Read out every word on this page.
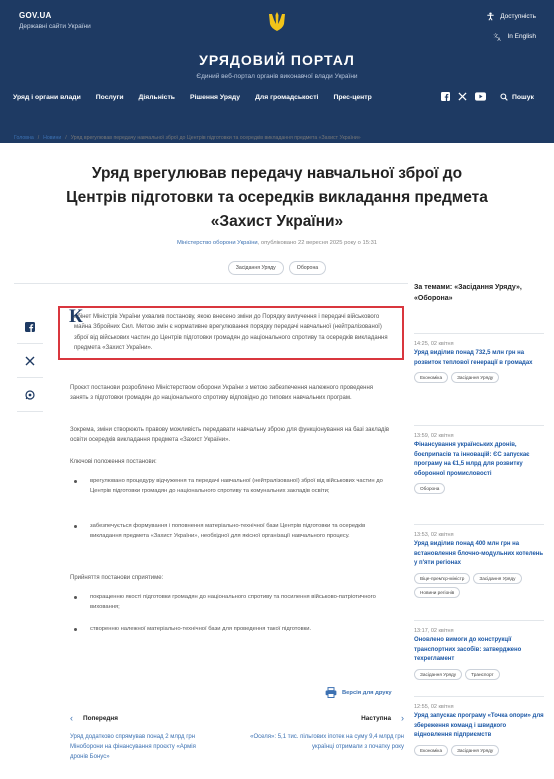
GOV.UA
Державні сайти України
Доступність
文
A
In English
УРЯДОВИЙ ПОРТАЛ
Єдиний веб-портал органів виконавчої влади України
Уряд і органи влади Послуги Діяльність Рішення Уряду Для громадськості Прес-центр	Пошук
Головна / Новини / Уряд врегулював передачу навчальної зброї до Центрів підготовки та осередків викладання предмета «Захист України»
Уряд врегулював передачу навчальної зброї до Центрів підготовки та осередків викладання предмета «Захист України»
Міністерство оборони України, опубліковано 22 вересня 2025 року о 15:31
Засідання Уряду	Оборона
К
абінет Міністрів України ухвалив постанову, якою внесено зміни до Порядку вилучення і передачі військового майна Збройних Сил. Метою змін є нормативне врегулювання порядку передачі навчальної (нейтралізованої) зброї від військових частин до Центрів підготовки громадян до національного спротиву та осередків викладання предмета «Захист України».

Проєкт постанови розроблено Міністерством оборони України з метою забезпечення належного проведення занять з підготовки громадян до національного спротиву відповідно до типових навчальних програм.

Зокрема, зміни створюють правову можливість передавати навчальну зброю для функціонування на базі закладів освіти осередків викладання предмета «Захист України».

Ключові положення постанови:

врегулювано процедуру відчуження та передачі навчальної (нейтралізованої) зброї від військових частин до Центрів підготовки громадян до національного спротиву та комунальних закладів освіти;
забезпечується формування і поповнення матеріально-технічної бази Центрів підготовки та осередків викладання предмета «Захист України», необхідної для якісної організації навчального процесу.

Прийняття постанови сприятиме:

покращенню якості підготовки громадян до національного спротиву та посилення військово-патріотичного виховання;
створенню належної матеріально-технічної бази для проведення такої підготовки.
Версія для друку
‹ Попередня
Уряд додатково спрямував понад 2 млрд грн Міноборони на фінансування проєкту «Армія дронів Бонус»
Наступна ›
«Оселя»: 5,1 тис. пільгових іпотек на суму 9,4 млрд грн українці отримали з початку року
За темами: «Засідання Уряду», «Оборона»
14:25, 02 квітня
Уряд виділив понад 732,5 млн грн на розвиток теплової генерації в громадах
Економіка	Засідання Уряду
13:59, 02 квітня
Фінансування українських дронів, боєприпасів та інновацій: ЄС запускає програму на €1,5 млрд для розвитку оборонної промисловості
Оборона
13:53, 02 квітня
Уряд виділив понад 400 млн грн на встановлення блочно-модульних котелень у п'яти регіонах
Віце-прем'єр-міністр	Засідання Уряду
Новини регіонів
13:17, 02 квітня
Оновлено вимоги до конструкції транспортних засобів: затверджено техрегламент
Засідання Уряду	Транспорт
12:55, 02 квітня
Уряд запускає програму «Точка опори» для збереження команд і швидкого відновлення підприємств
Економіка	Засідання Уряду
